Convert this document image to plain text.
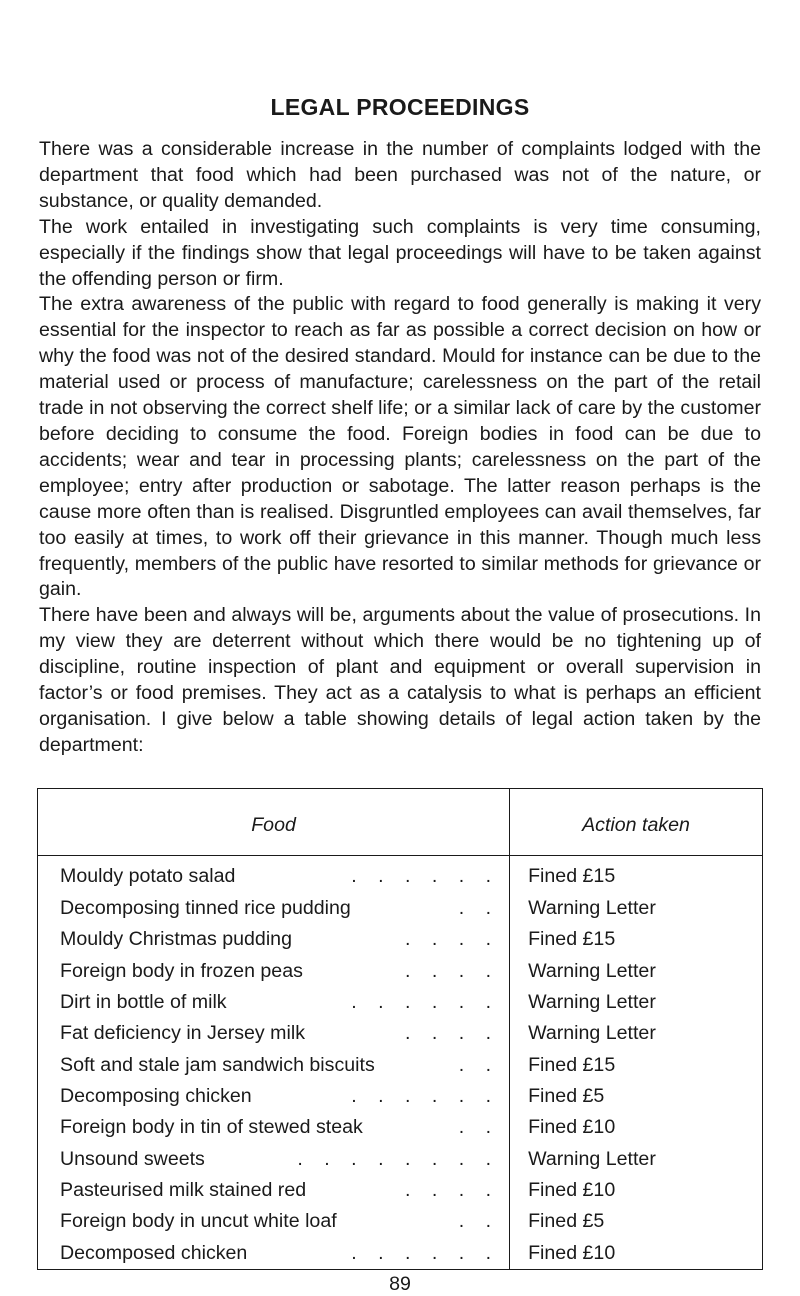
LEGAL PROCEEDINGS

There was a considerable increase in the number of complaints lodged with the department that food which had been purchased was not of the nature, or substance, or quality demanded.

The work entailed in investigating such complaints is very time consuming, especially if the findings show that legal proceedings will have to be taken against the offending person or firm.

The extra awareness of the public with regard to food generally is making it very essential for the inspector to reach as far as possible a correct decision on how or why the food was not of the desired standard. Mould for instance can be due to the material used or process of manufacture; carelessness on the part of the retail trade in not observing the correct shelf life; or a similar lack of care by the customer before deciding to consume the food. Foreign bodies in food can be due to accidents; wear and tear in processing plants; carelessness on the part of the employee; entry after production or sabotage. The latter reason perhaps is the cause more often than is realised. Disgruntled employees can avail themselves, far too easily at times, to work off their grievance in this manner. Though much less frequently, members of the public have resorted to similar methods for grievance or gain.

There have been and always will be, arguments about the value of prosecutions. In my view they are deterrent without which there would be no tightening up of discipline, routine inspection of plant and equipment or overall supervision in factor’s or food premises. They act as a catalysis to what is perhaps an efficient organisation. I give below a table showing details of legal action taken by the department:

Food	Action taken
Mouldy potato salad . . . . . .	Fined £15
Decomposing tinned rice pudding . .	Warning Letter
Mouldy Christmas pudding . . . .	Fined £15
Foreign body in frozen peas . . . .	Warning Letter
Dirt in bottle of milk . . . . . .	Warning Letter
Fat deficiency in Jersey milk . . . .	Warning Letter
Soft and stale jam sandwich biscuits . .	Fined £15
Decomposing chicken . . . . . .	Fined £5
Foreign body in tin of stewed steak . .	Fined £10
Unsound sweets . . . . . . . .	Warning Letter
Pasteurised milk stained red . . . .	Fined £10
Foreign body in uncut white loaf . .	Fined £5
Decomposed chicken . . . . . .	Fined £10
89
